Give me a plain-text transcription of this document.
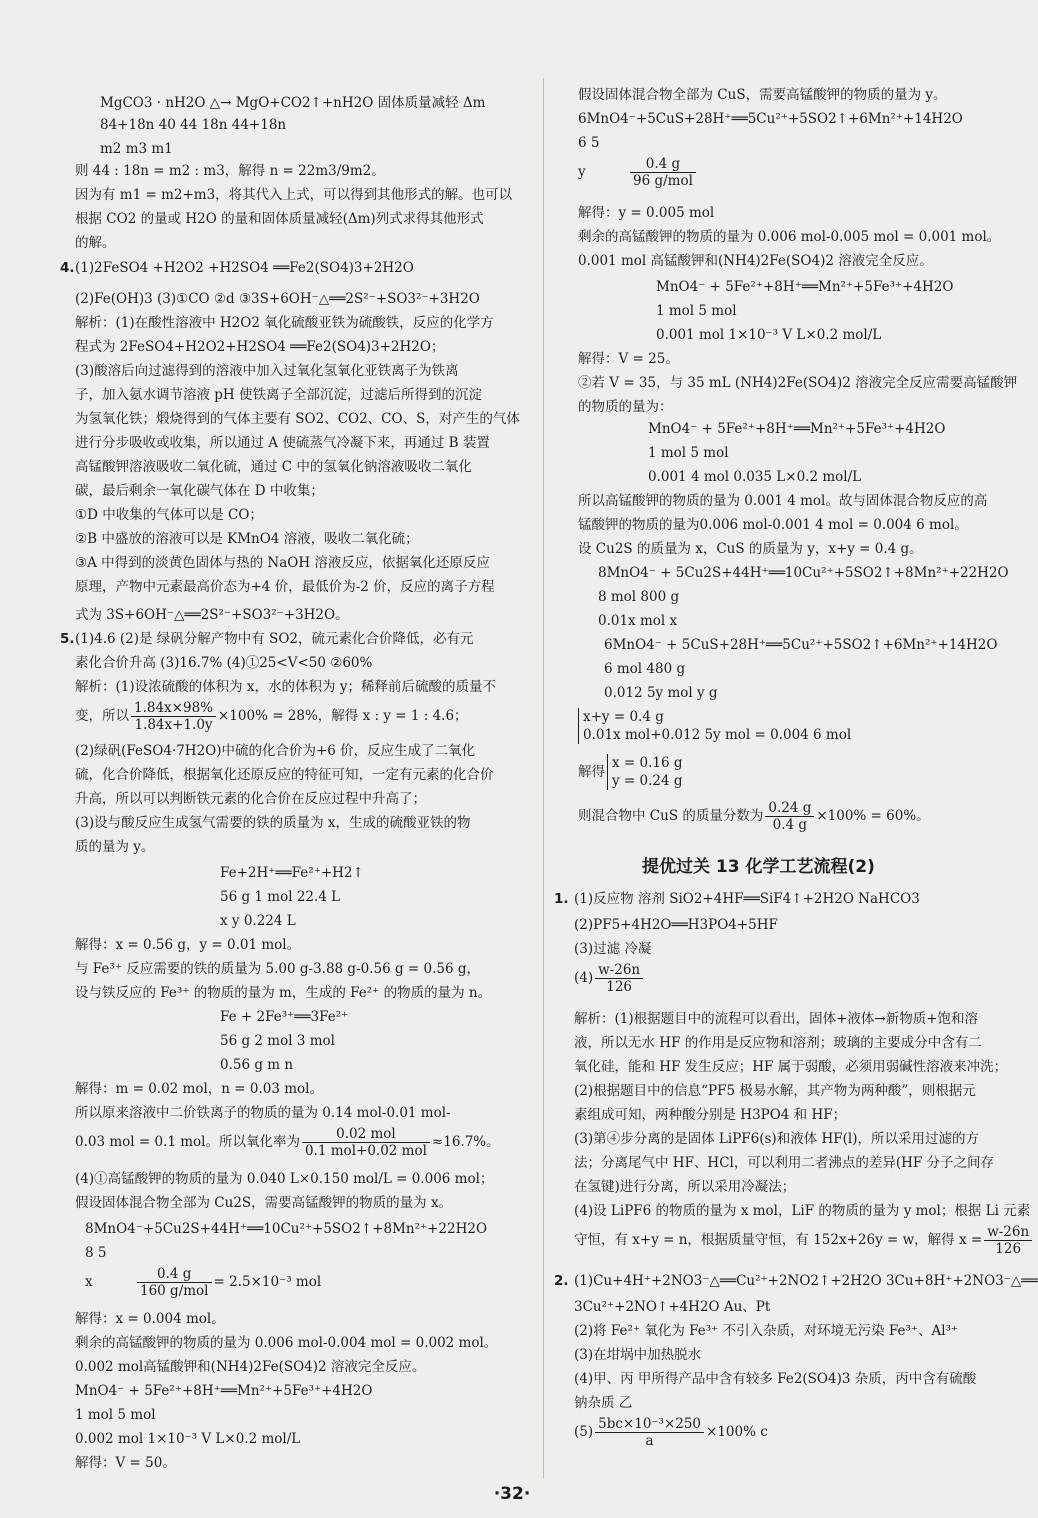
MgCO3 · nH2O △→ MgO+CO2↑+nH2O 固体质量减轻 Δm
84+18n 40 44 18n 44+18n
m2 m3 m1
则 44 : 18n = m2 : m3，解得 n = 22m3/9m2。
因为有 m1 = m2+m3，将其代入上式，可以得到其他形式的解。也可以
根据 CO2 的量或 H2O 的量和固体质量减轻(Δm)列式求得其他形式
的解。
4. (1)2FeSO4 +H2O2 +H2SO4 ══Fe2(SO4)3+2H2O
(2)Fe(OH)3 (3)①CO ②d ③3S+6OH⁻△══2S²⁻+SO3²⁻+3H2O
解析：(1)在酸性溶液中 H2O2 氧化硫酸亚铁为硫酸铁，反应的化学方
程式为 2FeSO4+H2O2+H2SO4 ══Fe2(SO4)3+2H2O；
(3)酸溶后向过滤得到的溶液中加入过氧化氢氧化亚铁离子为铁离
子，加入氨水调节溶液 pH 使铁离子全部沉淀，过滤后所得到的沉淀
为氢氧化铁；煅烧得到的气体主要有 SO2、CO2、CO、S，对产生的气体
进行分步吸收或收集，所以通过 A 使硫蒸气冷凝下来，再通过 B 装置
高锰酸钾溶液吸收二氧化硫，通过 C 中的氢氧化钠溶液吸收二氧化
碳，最后剩余一氧化碳气体在 D 中收集；
①D 中收集的气体可以是 CO；
②B 中盛放的溶液可以是 KMnO4 溶液，吸收二氧化硫；
③A 中得到的淡黄色固体与热的 NaOH 溶液反应，依据氧化还原反应
原理，产物中元素最高价态为+4 价，最低价为-2 价，反应的离子方程
式为 3S+6OH⁻△══2S²⁻+SO3²⁻+3H2O。
5. (1)4.6 (2)是 绿矾分解产物中有 SO2，硫元素化合价降低，必有元
素化合价升高 (3)16.7% (4)①25<V<50 ②60%
解析：(1)设浓硫酸的体积为 x，水的体积为 y；稀释前后硫酸的质量不
变，所以 $\frac{1.84x\times 98\%}{1.84x+1.0y} \times 100\% = 28\%$，解得 x : y = 1 : 4.6；
(2)绿矾(FeSO4·7H2O)中硫的化合价为+6 价，反应生成了二氧化
硫，化合价降低，根据氧化还原反应的特征可知，一定有元素的化合价
升高，所以可以判断铁元素的化合价在反应过程中升高了；
(3)设与酸反应生成氢气需要的铁的质量为 x，生成的硫酸亚铁的物
质的量为 y。
Fe+2H⁺══Fe²⁺+H2↑
56 g 1 mol 22.4 L
x y 0.224 L
解得：x = 0.56 g，y = 0.01 mol。
与 Fe³⁺ 反应需要的铁的质量为 5.00 g-3.88 g-0.56 g = 0.56 g，
设与铁反应的 Fe³⁺ 的物质的量为 m，生成的 Fe²⁺ 的物质的量为 n。
Fe + 2Fe³⁺══3Fe²⁺
56 g 2 mol 3 mol
0.56 g m n
解得：m = 0.02 mol，n = 0.03 mol。
所以原来溶液中二价铁离子的物质的量为 0.14 mol-0.01 mol-
0.03 mol = 0.1 mol。所以氧化率为 $\frac{\text{0.02 mol}}{\text{0.1 mol+0.02 mol}} \approx 16.7\%$。
(4)①高锰酸钾的物质的量为 0.040 L×0.150 mol/L = 0.006 mol；
假设固体混合物全部为 Cu2S，需要高锰酸钾的物质的量为 x。
8MnO4⁻+5Cu2S+44H⁺══10Cu²⁺+5SO2↑+8Mn²⁺+22H2O
8 5
x	$\frac{0.4 g}{\text{160 g/mol}} = 2.5\times 10^{-3}$ mol
解得：x = 0.004 mol。
剩余的高锰酸钾的物质的量为 0.006 mol-0.004 mol = 0.002 mol。
0.002 mol高锰酸钾和(NH4)2Fe(SO4)2 溶液完全反应。
MnO4⁻ + 5Fe²⁺+8H⁺══Mn²⁺+5Fe³⁺+4H2O
1 mol 5 mol
0.002 mol 1×10⁻³ V L×0.2 mol/L
解得：V = 50。
假设固体混合物全部为 CuS，需要高锰酸钾的物质的量为 y。
6MnO4⁻+5CuS+28H⁺══5Cu²⁺+5SO2↑+6Mn²⁺+14H2O
6 5
y	$\frac{0.4 g}{\text{96 g/mol}}$
解得：y = 0.005 mol
剩余的高锰酸钾的物质的量为 0.006 mol-0.005 mol = 0.001 mol。
0.001 mol 高锰酸钾和(NH4)2Fe(SO4)2 溶液完全反应。
MnO4⁻ + 5Fe²⁺+8H⁺══Mn²⁺+5Fe³⁺+4H2O
1 mol 5 mol
0.001 mol 1×10⁻³ V L×0.2 mol/L
解得：V = 25。
②若 V = 35，与 35 mL (NH4)2Fe(SO4)2 溶液完全反应需要高锰酸钾
的物质的量为：
MnO4⁻ + 5Fe²⁺+8H⁺══Mn²⁺+5Fe³⁺+4H2O
1 mol 5 mol
0.001 4 mol 0.035 L×0.2 mol/L
所以高锰酸钾的物质的量为 0.001 4 mol。故与固体混合物反应的高
锰酸钾的物质的量为0.006 mol-0.001 4 mol = 0.004 6 mol。
设 Cu2S 的质量为 x，CuS 的质量为 y，x+y = 0.4 g。
8MnO4⁻ + 5Cu2S+44H⁺══10Cu²⁺+5SO2↑+8Mn²⁺+22H2O
8 mol 800 g
0.01x mol x
6MnO4⁻ + 5CuS+28H⁺══5Cu²⁺+5SO2↑+6Mn²⁺+14H2O
6 mol 480 g
0.012 5y mol y g
x+y = 0.4 g
0.01x mol+0.012 5y mol = 0.004 6 mol
解得
x = 0.16 g
y = 0.24 g
则混合物中 CuS 的质量分数为 $\frac{0.24 g}{0.4 g} \times 100\% = 60\%$。
提优过关 13 化学工艺流程(2)
1. (1)反应物 溶剂 SiO2+4HF══SiF4↑+2H2O NaHCO3
(2)PF5+4H2O══H3PO4+5HF
(3)过滤 冷凝
$(4) \frac{w-26n}{126}$
解析：(1)根据题目中的流程可以看出，固体+液体→新物质+饱和溶
液，所以无水 HF 的作用是反应物和溶剂；玻璃的主要成分中含有二
氧化硅，能和 HF 发生反应；HF 属于弱酸，必须用弱碱性溶液来冲洗；
(2)根据题目中的信息“PF5 极易水解，其产物为两种酸”，则根据元
素组成可知，两种酸分别是 H3PO4 和 HF；
(3)第④步分离的是固体 LiPF6(s)和液体 HF(l)，所以采用过滤的方
法；分离尾气中 HF、HCl，可以利用二者沸点的差异(HF 分子之间存
在氢键)进行分离，所以采用冷凝法；
(4)设 LiPF6 的物质的量为 x mol，LiF 的物质的量为 y mol；根据 Li 元素
守恒，有 x+y = n，根据质量守恒，有 152x+26y = w，解得 $x = \frac{w-26n}{126}$
2. (1)Cu+4H⁺+2NO3⁻△══Cu²⁺+2NO2↑+2H2O 3Cu+8H⁺+2NO3⁻△══
3Cu²⁺+2NO↑+4H2O Au、Pt
(2)将 Fe²⁺ 氧化为 Fe³⁺ 不引入杂质，对环境无污染 Fe³⁺、Al³⁺
(3)在坩埚中加热脱水
(4)甲、丙 甲所得产品中含有较多 Fe2(SO4)3 杂质，丙中含有硫酸
钠杂质 乙
$(5) \frac{\text{5bc×10⁻³×250}}{a} \times 100\%$ c
·32·
